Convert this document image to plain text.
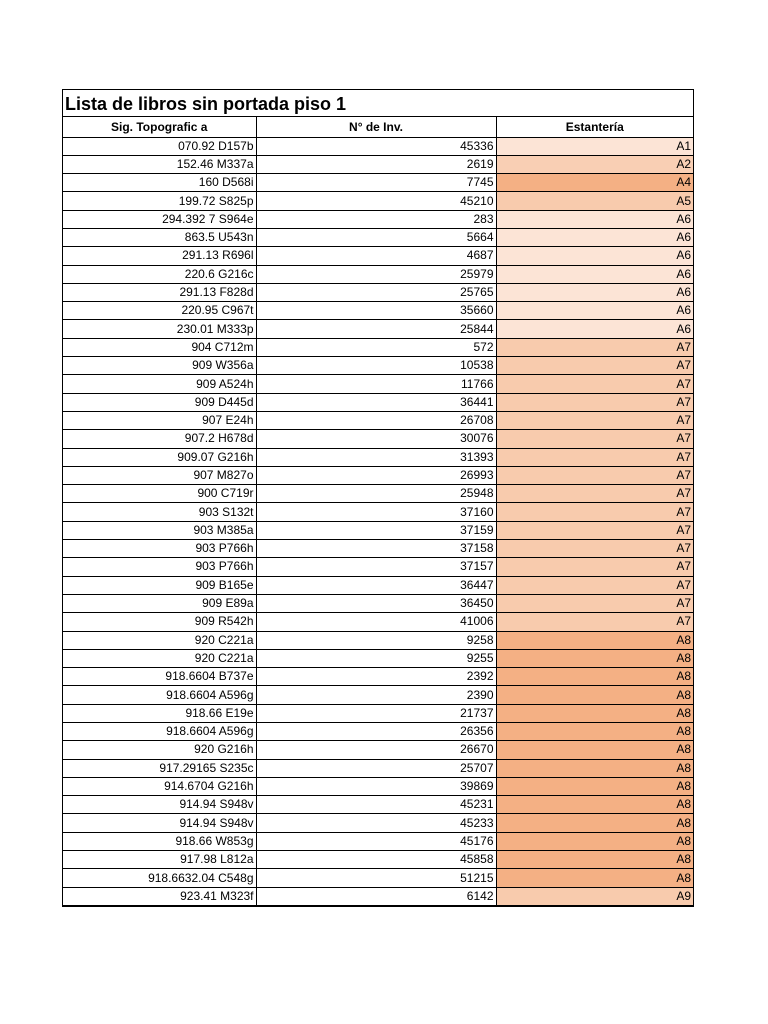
Lista de libros sin portada piso 1
Sig. Topografic a	N° de Inv.	Estantería
070.92 D157b	45336	A1
152.46 M337a	2619	A2
160 D568i	7745	A4
199.72 S825p	45210	A5
294.392 7 S964e	283	A6
863.5 U543n	5664	A6
291.13 R696l	4687	A6
220.6 G216c	25979	A6
291.13 F828d	25765	A6
220.95 C967t	35660	A6
230.01 M333p	25844	A6
904 C712m	572	A7
909 W356a	10538	A7
909 A524h	11766	A7
909 D445d	36441	A7
907 E24h	26708	A7
907.2 H678d	30076	A7
909.07 G216h	31393	A7
907 M827o	26993	A7
900 C719r	25948	A7
903 S132t	37160	A7
903 M385a	37159	A7
903 P766h	37158	A7
903 P766h	37157	A7
909 B165e	36447	A7
909 E89a	36450	A7
909 R542h	41006	A7
920 C221a	9258	A8
920 C221a	9255	A8
918.6604 B737e	2392	A8
918.6604 A596g	2390	A8
918.66 E19e	21737	A8
918.6604 A596g	26356	A8
920 G216h	26670	A8
917.29165 S235c	25707	A8
914.6704 G216h	39869	A8
914.94 S948v	45231	A8
914.94 S948v	45233	A8
918.66 W853g	45176	A8
917.98 L812a	45858	A8
918.6632.04 C548g	51215	A8
923.41 M323f	6142	A9
